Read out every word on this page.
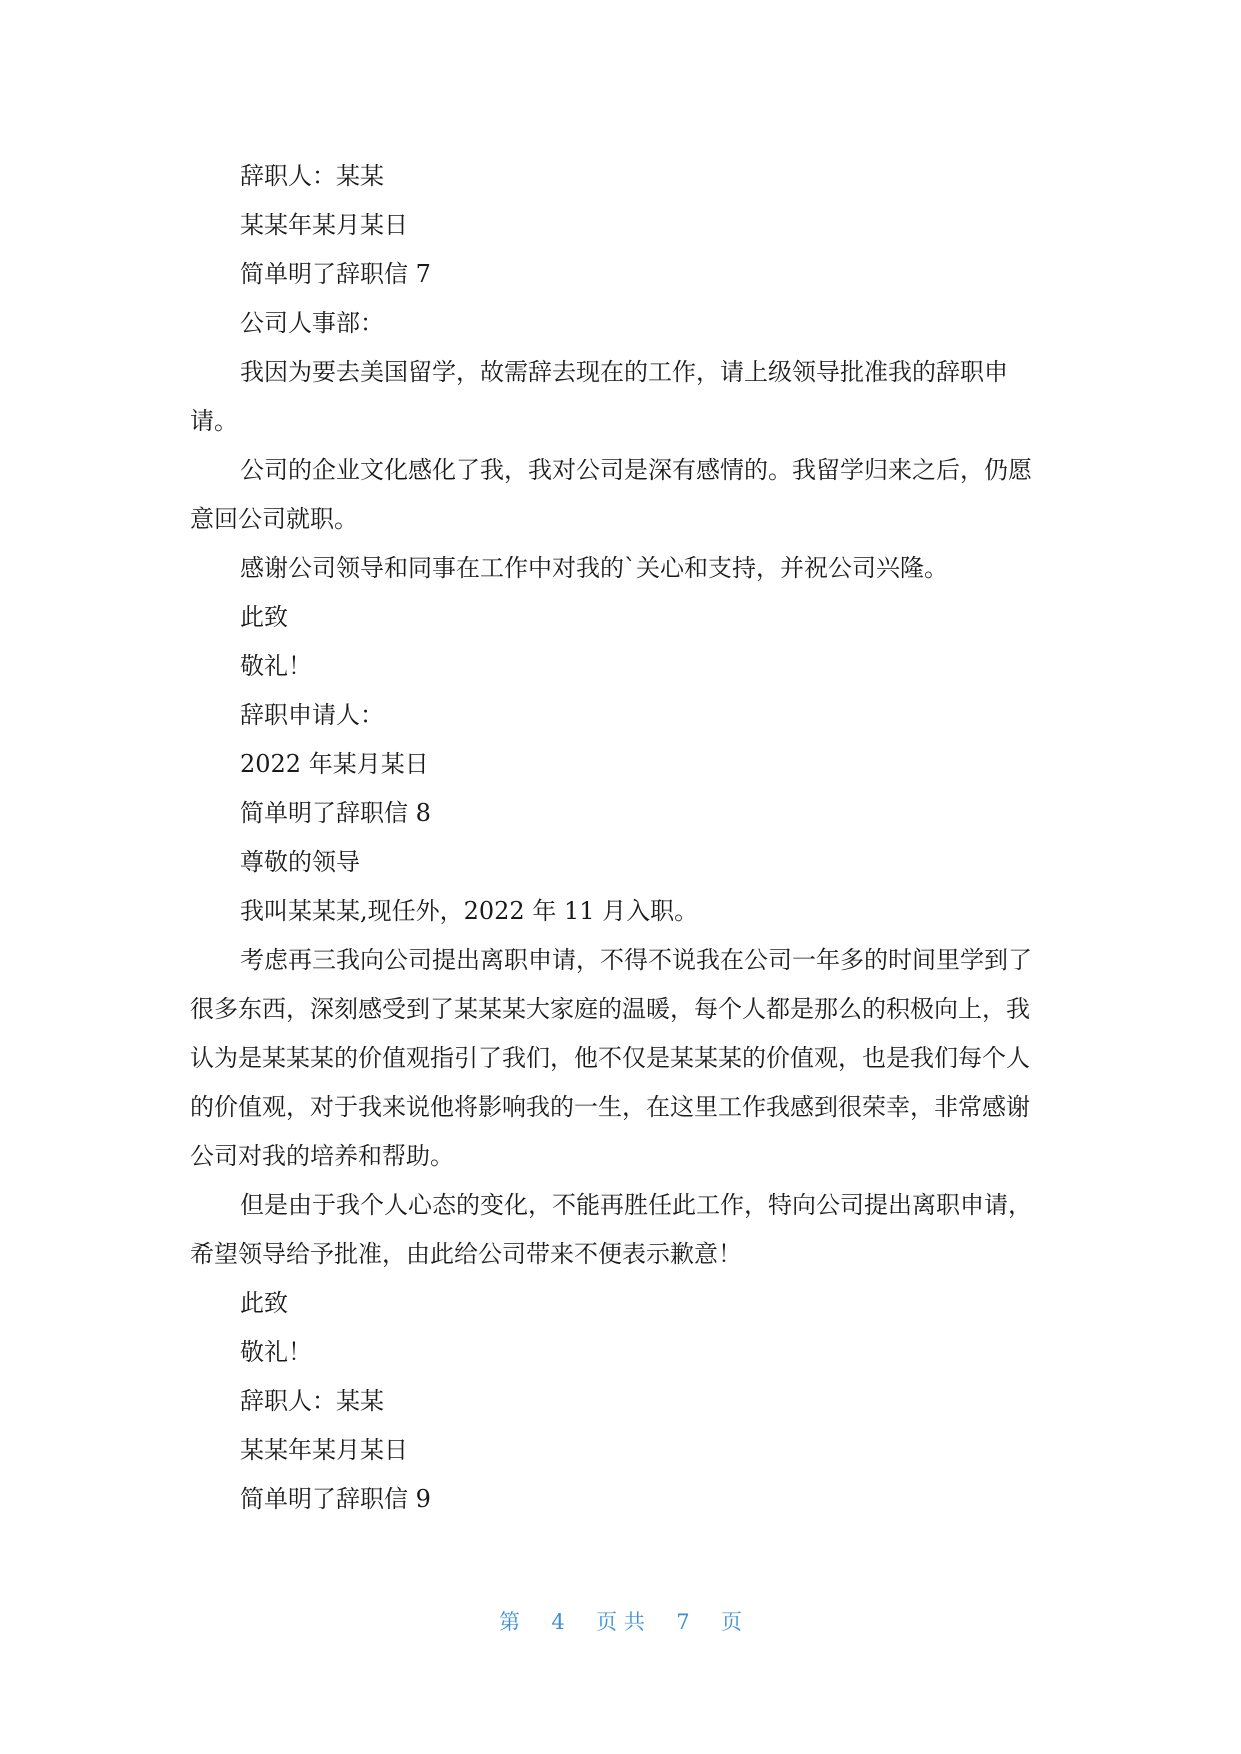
辞职人：某某

某某年某月某日

简单明了辞职信 7

公司人事部：

我因为要去美国留学，故需辞去现在的工作，请上级领导批准我的辞职申请。

公司的企业文化感化了我，我对公司是深有感情的。我留学归来之后，仍愿意回公司就职。

感谢公司领导和同事在工作中对我的`关心和支持，并祝公司兴隆。

此致

敬礼！

辞职申请人：

2022 年某月某日

简单明了辞职信 8

尊敬的领导

我叫某某某,现任外，2022 年 11 月入职。

考虑再三我向公司提出离职申请，不得不说我在公司一年多的时间里学到了很多东西，深刻感受到了某某某大家庭的温暖，每个人都是那么的积极向上，我认为是某某某的价值观指引了我们，他不仅是某某某的价值观，也是我们每个人的价值观，对于我来说他将影响我的一生，在这里工作我感到很荣幸，非常感谢公司对我的培养和帮助。

但是由于我个人心态的变化，不能再胜任此工作，特向公司提出离职申请，希望领导给予批准，由此给公司带来不便表示歉意！

此致

敬礼！

辞职人：某某

某某年某月某日

简单明了辞职信 9

第 4 页 共 7 页
